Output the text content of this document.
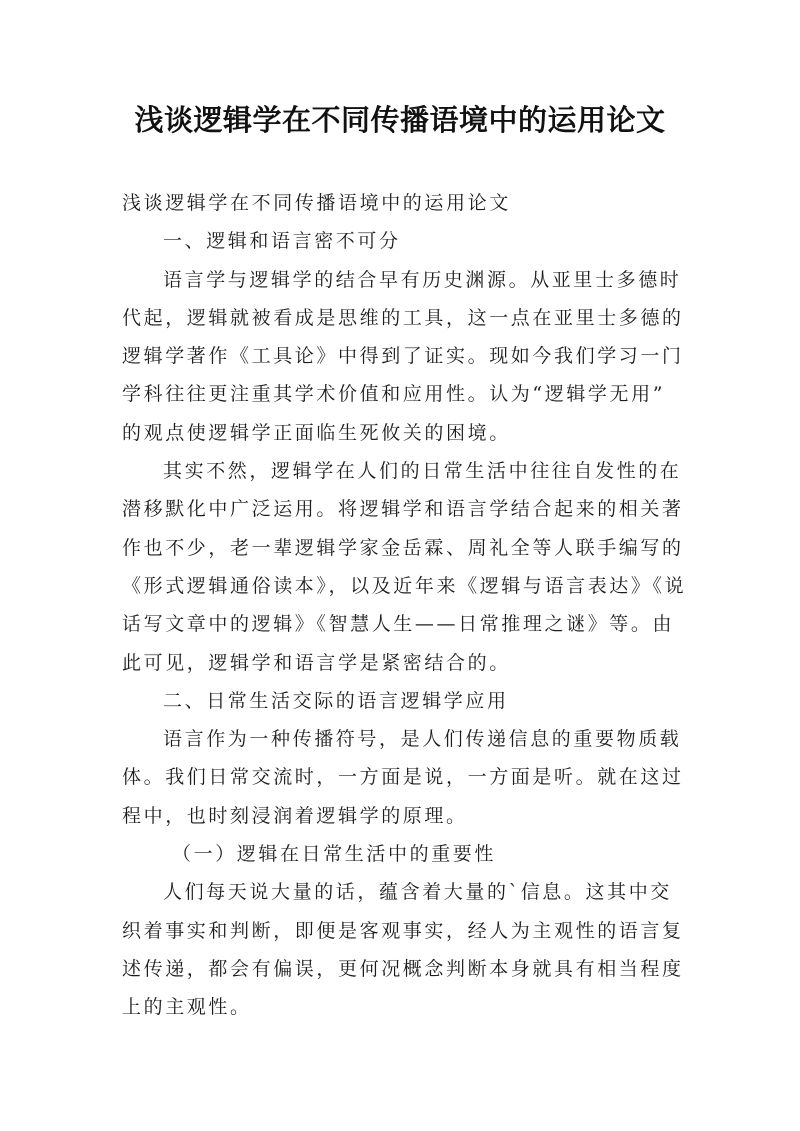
浅谈逻辑学在不同传播语境中的运用论文
浅谈逻辑学在不同传播语境中的运用论文
一、逻辑和语言密不可分
语言学与逻辑学的结合早有历史渊源。从亚里士多德时
代起，逻辑就被看成是思维的工具，这一点在亚里士多德的
逻辑学著作《工具论》中得到了证实。现如今我们学习一门
学科往往更注重其学术价值和应用性。认为“逻辑学无用”
的观点使逻辑学正面临生死攸关的困境。
其实不然，逻辑学在人们的日常生活中往往自发性的在
潜移默化中广泛运用。将逻辑学和语言学结合起来的相关著
作也不少，老一辈逻辑学家金岳霖、周礼全等人联手编写的
《形式逻辑通俗读本》，以及近年来《逻辑与语言表达》《说
话写文章中的逻辑》《智慧人生——日常推理之谜》等。由
此可见，逻辑学和语言学是紧密结合的。
二、日常生活交际的语言逻辑学应用
语言作为一种传播符号，是人们传递信息的重要物质载
体。我们日常交流时，一方面是说，一方面是听。就在这过
程中，也时刻浸润着逻辑学的原理。
（一）逻辑在日常生活中的重要性
人们每天说大量的话，蕴含着大量的`信息。这其中交
织着事实和判断，即便是客观事实，经人为主观性的语言复
述传递，都会有偏误，更何况概念判断本身就具有相当程度
上的主观性。
